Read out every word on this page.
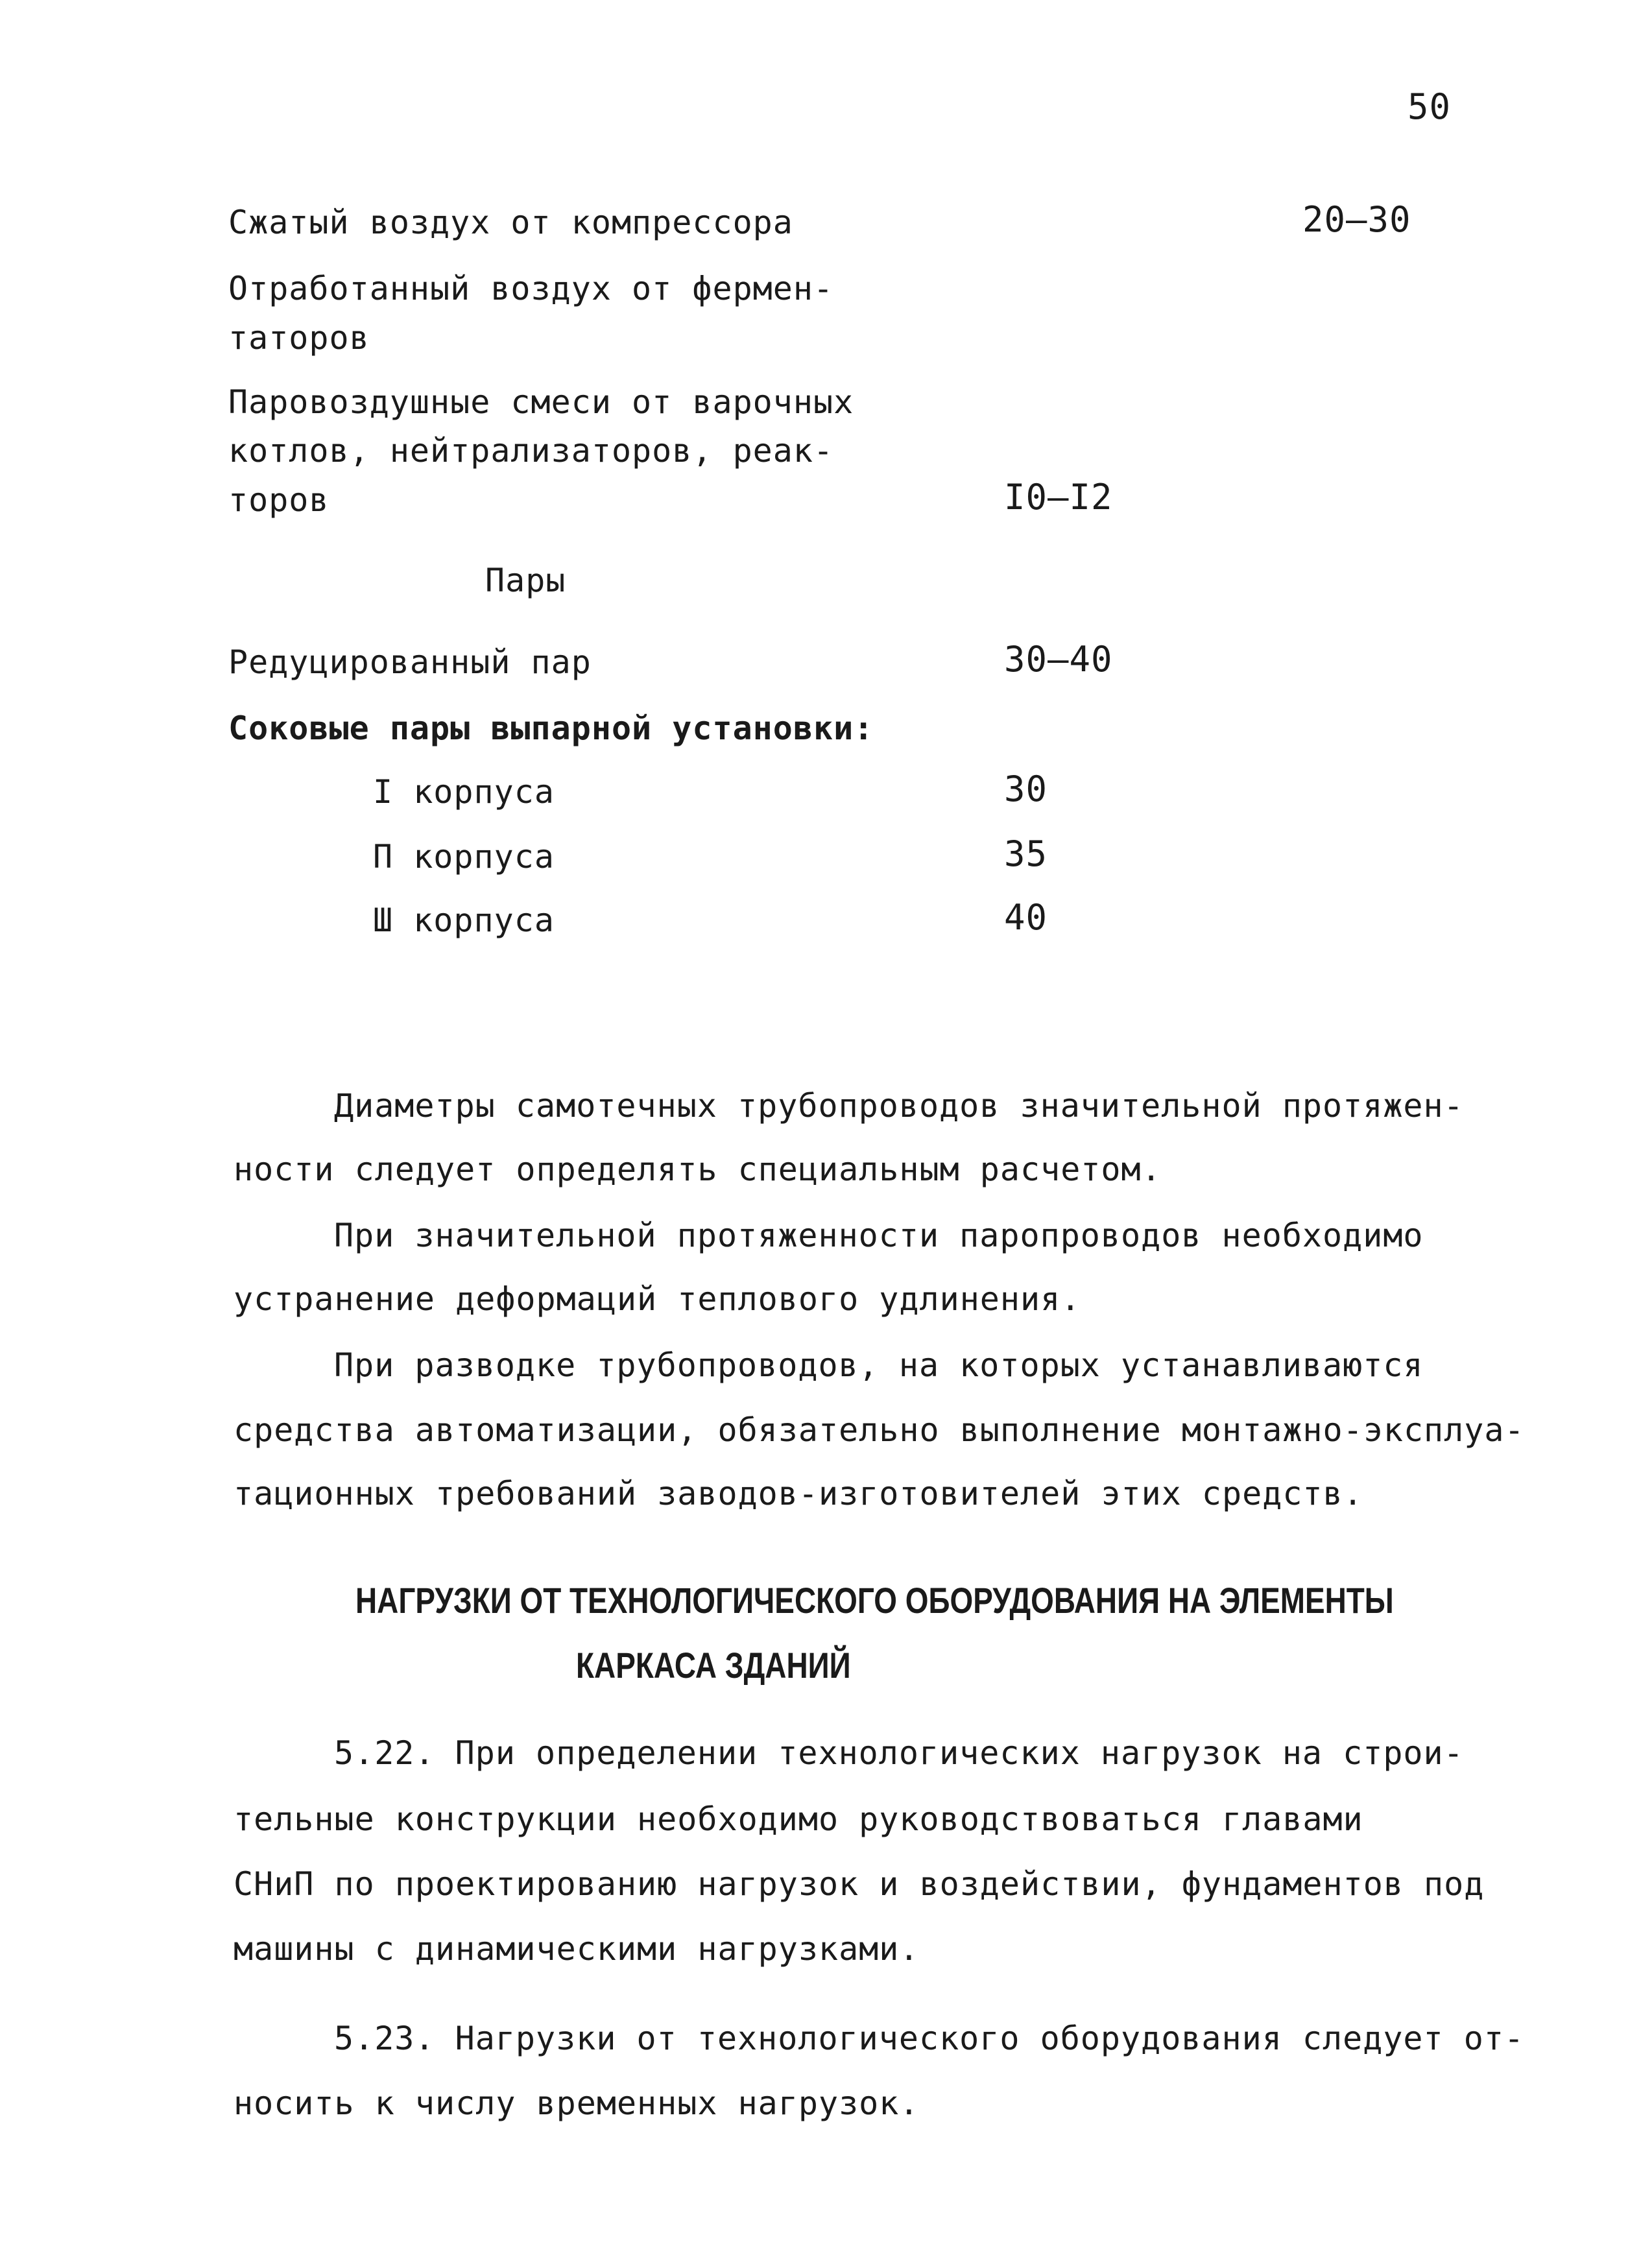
50
Сжатый воздух от компрессора	20–30
Отработанный воздух от фермен-
таторов
Паровоздушные смеси от варочных
котлов, нейтрализаторов, реак-
торов	I0–I2
Пары
Редуцированный пар	30–40
Соковые пары выпарной установки:
I корпуса	30
П корпуса	35
Ш корпуса	40
Диаметры самотечных трубопроводов значительной протяжен-
ности следует определять специальным расчетом.
При значительной протяженности паропроводов необходимо
устранение деформаций теплового удлинения.
При разводке трубопроводов, на которых устанавливаются
средства автоматизации, обязательно выполнение монтажно-эксплуа-
тационных требований заводов-изготовителей этих средств.
НАГРУЗКИ ОТ ТЕХНОЛОГИЧЕСКОГО ОБОРУДОВАНИЯ НА ЭЛЕМЕНТЫ
КАРКАСА ЗДАНИЙ
5.22. При определении технологических нагрузок на строи-
тельные конструкции необходимо руководствоваться главами
СНиП по проектированию нагрузок и воздействии, фундаментов под
машины с динамическими нагрузками.
5.23. Нагрузки от технологического оборудования следует от-
носить к числу временных нагрузок.
